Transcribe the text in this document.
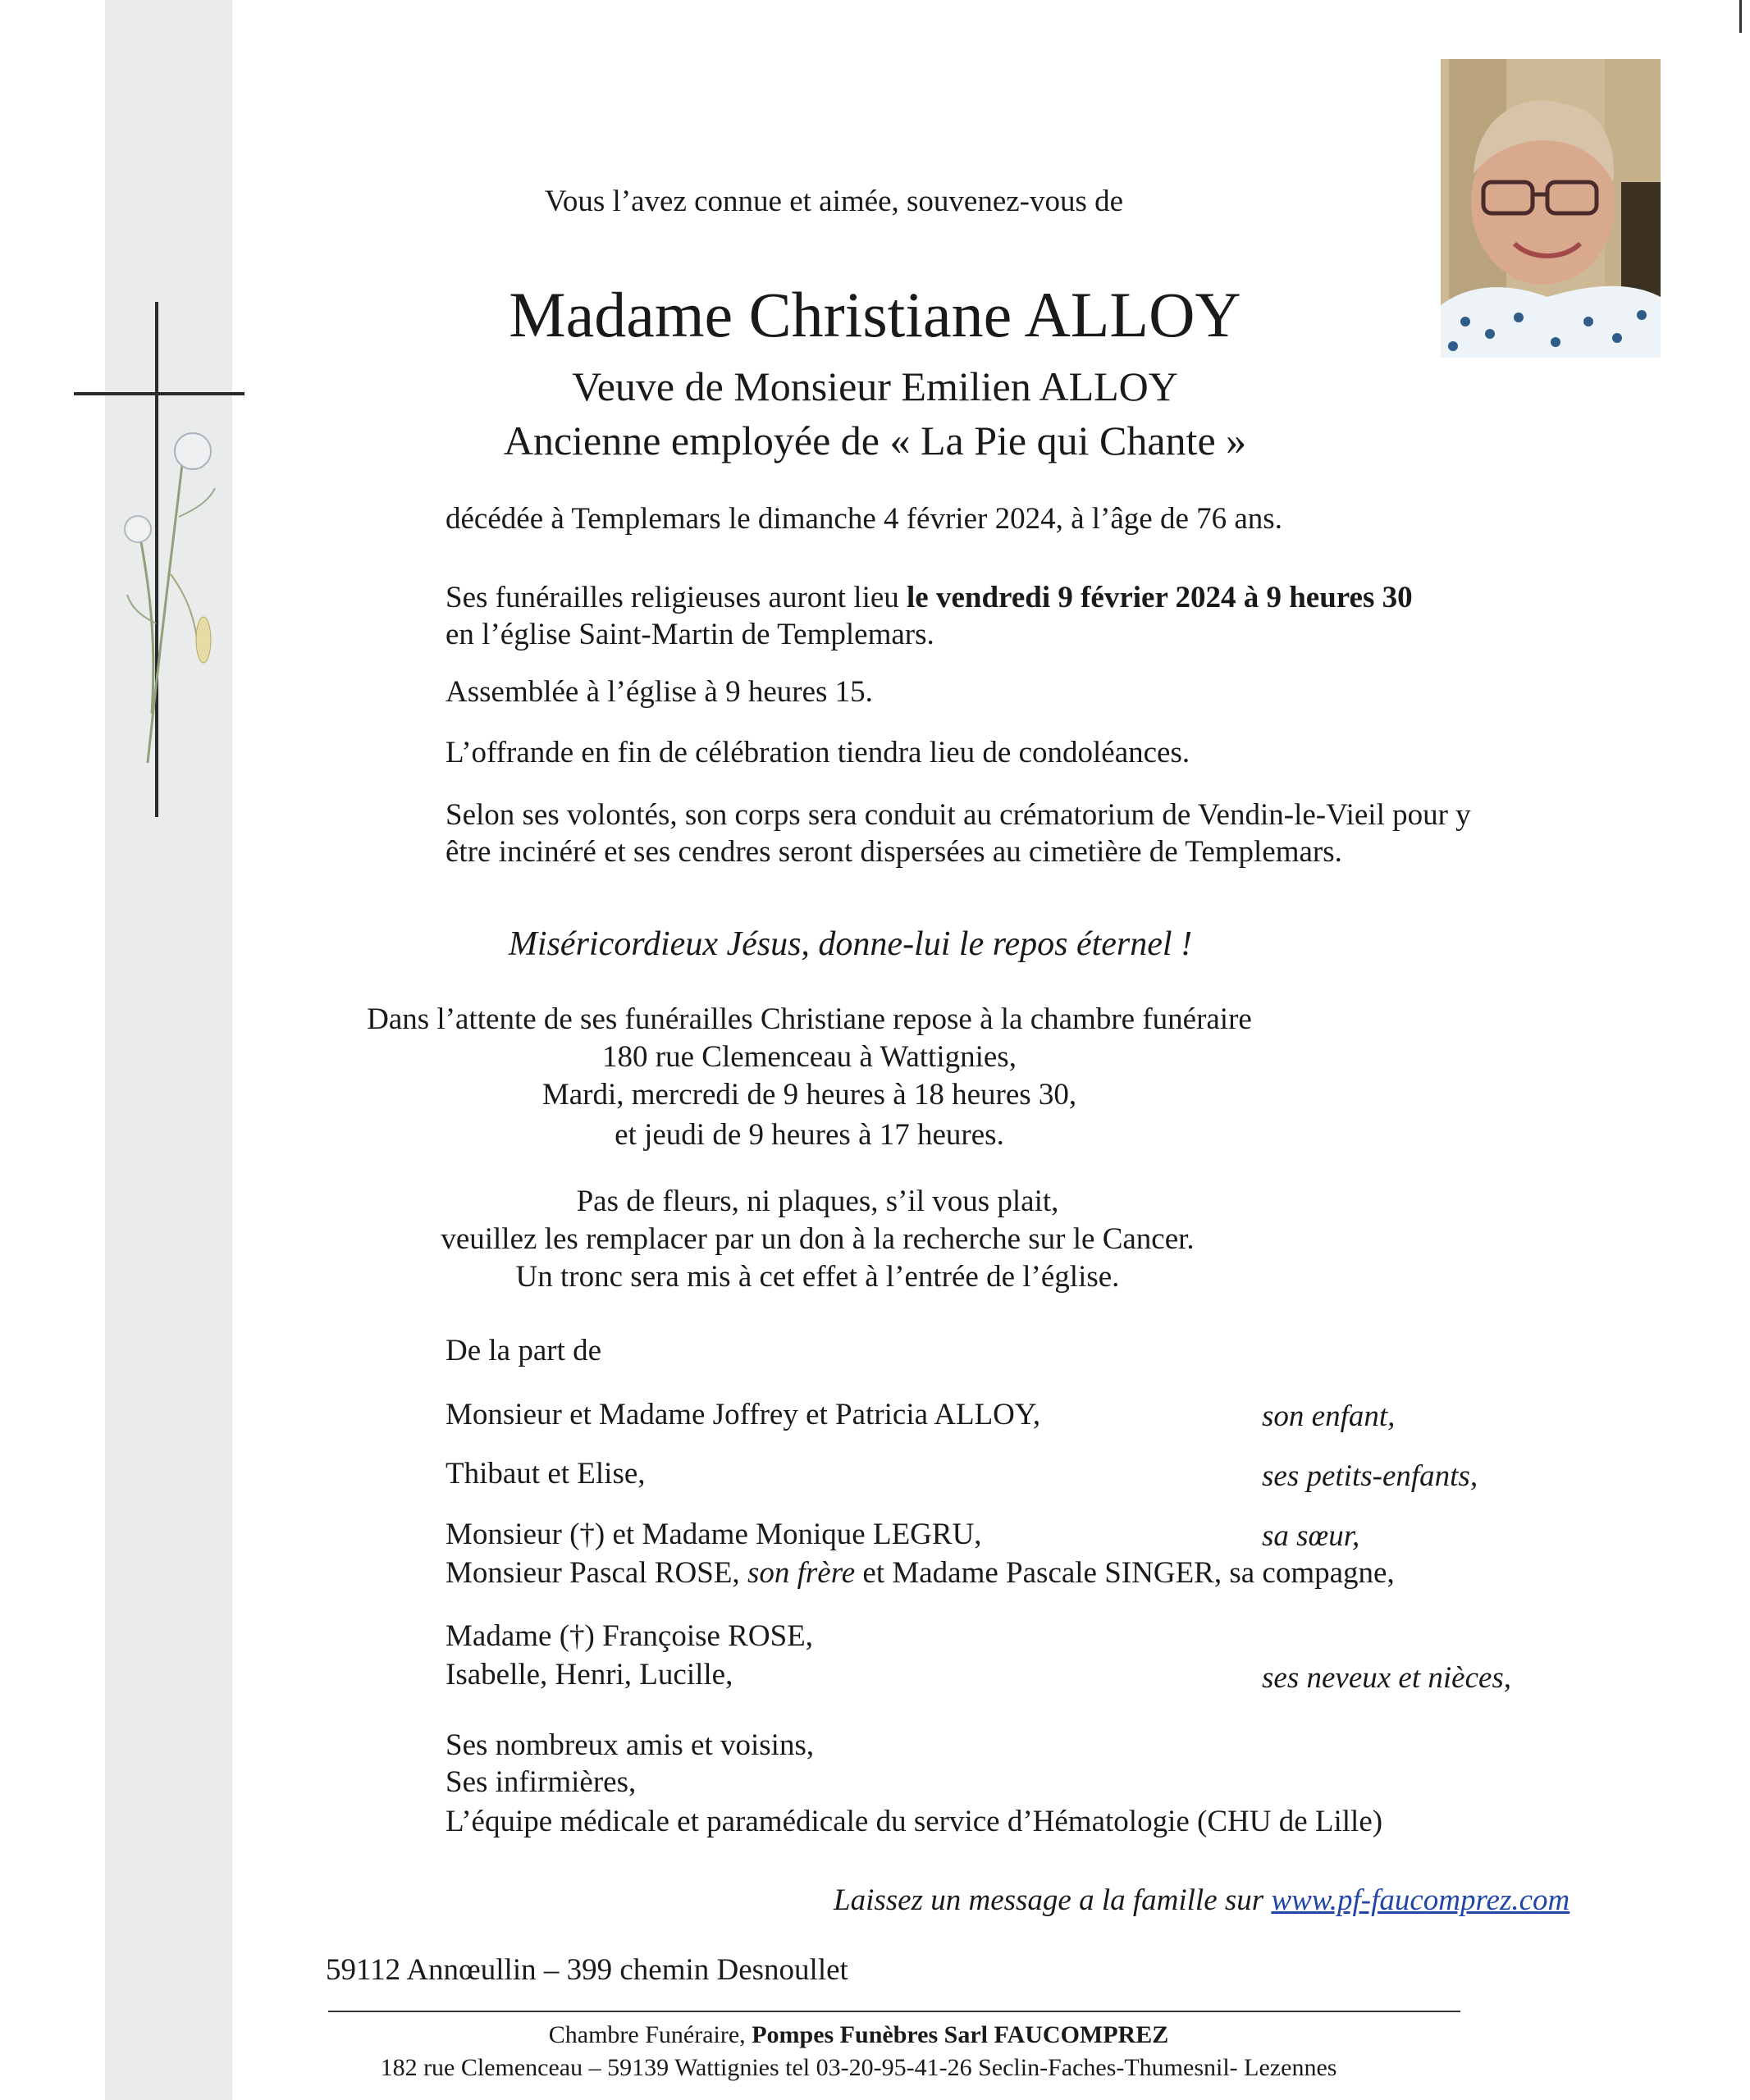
Vous l’avez connue et aimée, souvenez-vous de
Madame Christiane ALLOY
Veuve de Monsieur Emilien ALLOY
Ancienne employée de « La Pie qui Chante »
décédée à Templemars le dimanche 4 février 2024, à l’âge de 76 ans.
Ses funérailles religieuses auront lieu le vendredi 9 février 2024 à 9 heures 30
en l’église Saint-Martin de Templemars.
Assemblée à l’église à 9 heures 15.
L’offrande en fin de célébration tiendra lieu de condoléances.
Selon ses volontés, son corps sera conduit au crématorium de Vendin-le-Vieil pour y
être incinéré et ses cendres seront dispersées au cimetière de Templemars.
Miséricordieux Jésus, donne-lui le repos éternel !
Dans l’attente de ses funérailles Christiane repose à la chambre funéraire
180 rue Clemenceau à Wattignies,
Mardi, mercredi de 9 heures à 18 heures 30,
et jeudi de 9 heures à 17 heures.
Pas de fleurs, ni plaques, s’il vous plait,
veuillez les remplacer par un don à la recherche sur le Cancer.
Un tronc sera mis à cet effet à l’entrée de l’église.
De la part de
Monsieur et Madame Joffrey et Patricia ALLOY,	son enfant,
Thibaut et Elise,	ses petits-enfants,
Monsieur (†) et Madame Monique LEGRU,	sa sœur,
Monsieur Pascal ROSE, son frère et Madame Pascale SINGER, sa compagne,
Madame (†) Françoise ROSE,
Isabelle, Henri, Lucille,	ses neveux et nièces,
Ses nombreux amis et voisins,
Ses infirmières,
L’équipe médicale et paramédicale du service d’Hématologie (CHU de Lille)
Laissez un message a la famille sur www.pf-faucomprez.com
59112 Annœullin – 399 chemin Desnoullet
Chambre Funéraire, Pompes Funèbres Sarl FAUCOMPREZ
182 rue Clemenceau – 59139 Wattignies tel 03-20-95-41-26 Seclin-Faches-Thumesnil- Lezennes
